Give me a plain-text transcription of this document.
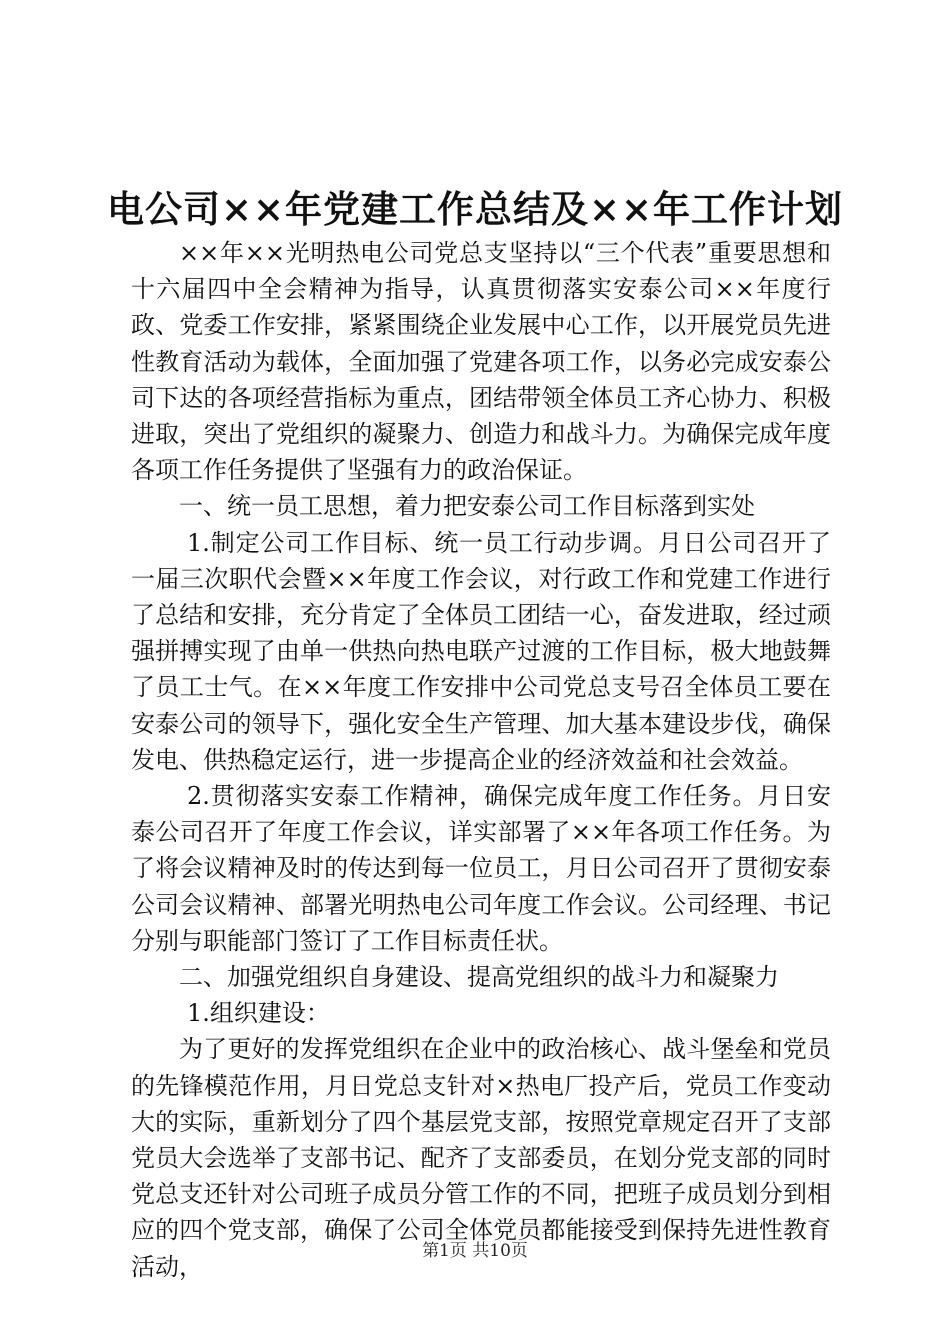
电公司××年党建工作总结及××年工作计划

××年××光明热电公司党总支坚持以“三个代表”重要思想和十六届四中全会精神为指导，认真贯彻落实安泰公司××年度行政、党委工作安排，紧紧围绕企业发展中心工作，以开展党员先进性教育活动为载体，全面加强了党建各项工作，以务必完成安泰公司下达的各项经营指标为重点，团结带领全体员工齐心协力、积极进取，突出了党组织的凝聚力、创造力和战斗力。为确保完成年度各项工作任务提供了坚强有力的政治保证。

一、统一员工思想，着力把安泰公司工作目标落到实处

1.制定公司工作目标、统一员工行动步调。月日公司召开了一届三次职代会暨××年度工作会议，对行政工作和党建工作进行了总结和安排，充分肯定了全体员工团结一心，奋发进取，经过顽强拼搏实现了由单一供热向热电联产过渡的工作目标，极大地鼓舞了员工士气。在××年度工作安排中公司党总支号召全体员工要在安泰公司的领导下，强化安全生产管理、加大基本建设步伐，确保发电、供热稳定运行，进一步提高企业的经济效益和社会效益。

2.贯彻落实安泰工作精神，确保完成年度工作任务。月日安泰公司召开了年度工作会议，详实部署了××年各项工作任务。为了将会议精神及时的传达到每一位员工，月日公司召开了贯彻安泰公司会议精神、部署光明热电公司年度工作会议。公司经理、书记分别与职能部门签订了工作目标责任状。

二、加强党组织自身建设、提高党组织的战斗力和凝聚力

1.组织建设：

为了更好的发挥党组织在企业中的政治核心、战斗堡垒和党员的先锋模范作用，月日党总支针对×热电厂投产后，党员工作变动大的实际，重新划分了四个基层党支部，按照党章规定召开了支部党员大会选举了支部书记、配齐了支部委员，在划分党支部的同时党总支还针对公司班子成员分管工作的不同，把班子成员划分到相应的四个党支部，确保了公司全体党员都能接受到保持先进性教育活动，

第1页 共10页
